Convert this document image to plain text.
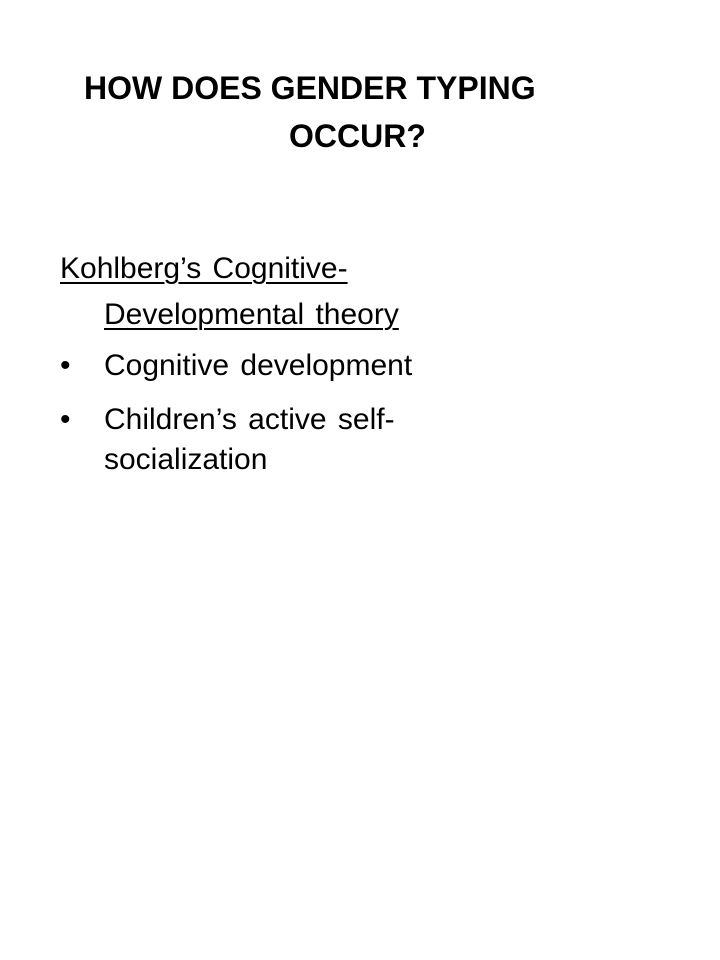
HOW DOES GENDER TYPING
OCCUR?

Kohlberg’s Cognitive-
Developmental theory

•	Cognitive development
•	Children’s active self-
socialization
